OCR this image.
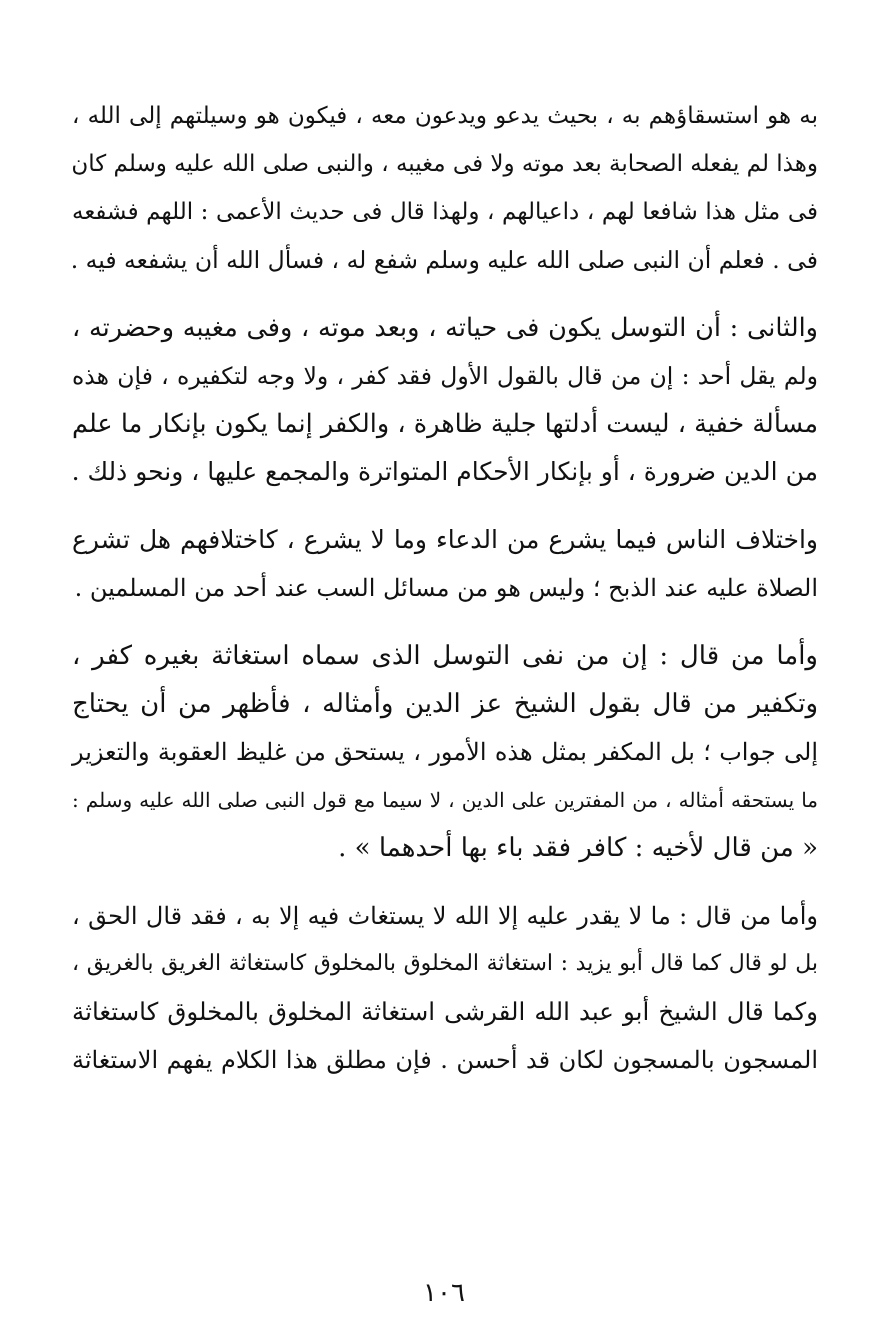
به هو استسقاؤهم به ، بحيث يدعو ويدعون معه ، فيكون هو وسيلتهم إلى الله ،
وهذا لم يفعله الصحابة بعد موته ولا فى مغيبه ، والنبى صلى الله عليه وسلم كان
فى مثل هذا شافعا لهم ، داعيالهم ، ولهذا قال فى حديث الأعمى : اللهم فشفعه
فى . فعلم أن النبى صلى الله عليه وسلم شفع له ، فسأل الله أن يشفعه فيه .
والثانى : أن التوسل يكون فى حياته ، وبعد موته ، وفى مغيبه وحضرته ،
ولم يقل أحد : إن من قال بالقول الأول فقد كفر ، ولا وجه لتكفيره ، فإن هذه
مسألة خفية ، ليست أدلتها جلية ظاهرة ، والكفر إنما يكون بإنكار ما علم
من الدين ضرورة ، أو بإنكار الأحكام المتواترة والمجمع عليها ، ونحو ذلك .
واختلاف الناس فيما يشرع من الدعاء وما لا يشرع ، كاختلافهم هل تشرع
الصلاة عليه عند الذبح ؛ وليس هو من مسائل السب عند أحد من المسلمين .
وأما من قال : إن من نفى التوسل الذى سماه استغاثة بغيره كفر ،
وتكفير من قال بقول الشيخ عز الدين وأمثاله ، فأظهر من أن يحتاج
إلى جواب ؛ بل المكفر بمثل هذه الأمور ، يستحق من غليظ العقوبة والتعزير
ما يستحقه أمثاله ، من المفترين على الدين ، لا سيما مع قول النبى صلى الله عليه وسلم :
« من قال لأخيه : كافر فقد باء بها أحدهما » .
وأما من قال : ما لا يقدر عليه إلا الله لا يستغاث فيه إلا به ، فقد قال الحق ،
بل لو قال كما قال أبو يزيد : استغاثة المخلوق بالمخلوق كاستغاثة الغريق بالغريق ،
وكما قال الشيخ أبو عبد الله القرشى استغاثة المخلوق بالمخلوق كاستغاثة
المسجون بالمسجون لكان قد أحسن . فإن مطلق هذا الكلام يفهم الاستغاثة
١٠٦
